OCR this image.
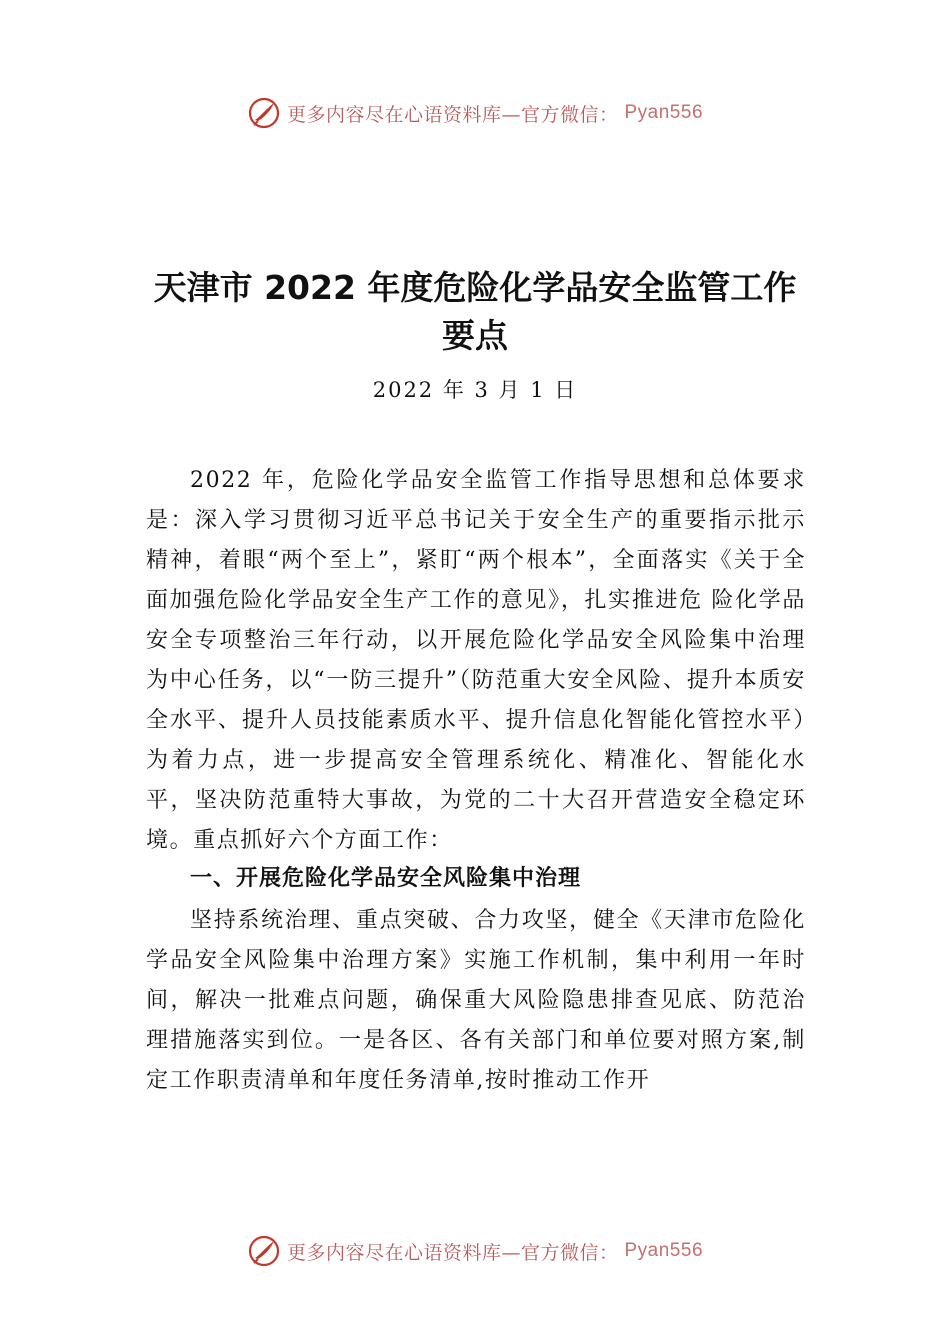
更多内容尽在心语资料库—官方微信： Pyan556
天津市 2022 年度危险化学品安全监管工作
要点
2022 年 3 月 1 日

2022 年，危险化学品安全监管工作指导思想和总体要求是：深入学习贯彻习近平总书记关于安全生产的重要指示批示精神，着眼“两个至上”，紧盯“两个根本”，全面落实《关于全面加强危险化学品安全生产工作的意见》，扎实推进危 险化学品安全专项整治三年行动，以开展危险化学品安全风险集中治理为中心任务，以“一防三提升”（防范重大安全风险、提升本质安全水平、提升人员技能素质水平、提升信息化智能化管控水平）为着力点，进一步提高安全管理系统化、精准化、智能化水平，坚决防范重特大事故，为党的二十大召开营造安全稳定环境。重点抓好六个方面工作：

一、开展危险化学品安全风险集中治理

坚持系统治理、重点突破、合力攻坚，健全《天津市危险化学品安全风险集中治理方案》实施工作机制，集中利用一年时间，解决一批难点问题，确保重大风险隐患排查见底、防范治理措施落实到位。一是各区、各有关部门和单位要对照方案,制定工作职责清单和年度任务清单,按时推动工作开

更多内容尽在心语资料库—官方微信： Pyan556
